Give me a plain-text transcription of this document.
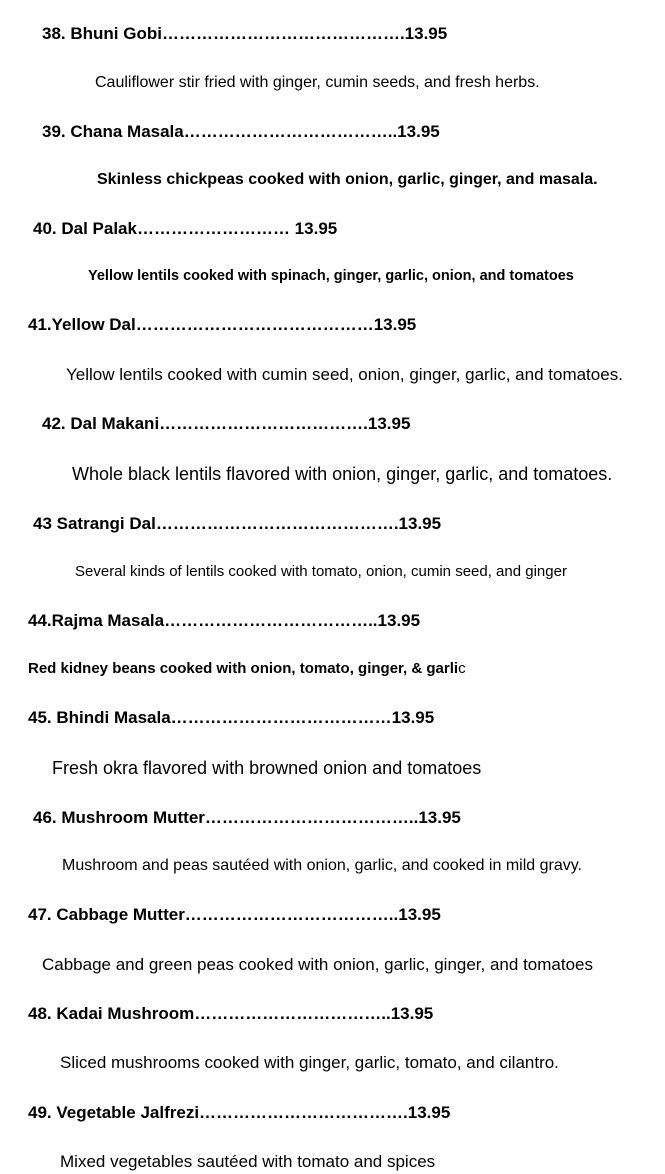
38. Bhuni Gobi…………………………………….13.95

Cauliflower stir fried with ginger, cumin seeds, and fresh herbs.

39. Chana Masala………………………………..13.95

Skinless chickpeas cooked with onion, garlic, ginger, and masala.

40. Dal Palak……………………… 13.95

Yellow lentils cooked with spinach, ginger, garlic, onion, and tomatoes

41.Yellow Dal……………………………………13.95

Yellow lentils cooked with cumin seed, onion, ginger, garlic, and tomatoes.

42. Dal Makani……………………………….13.95

Whole black lentils flavored with onion, ginger, garlic, and tomatoes.

43 Satrangi Dal…………………………………….13.95

Several kinds of lentils cooked with tomato, onion, cumin seed, and ginger

44.Rajma Masala………………………………..13.95

Red kidney beans cooked with onion, tomato, ginger, & garlic

45. Bhindi Masala…………………………………13.95

Fresh okra flavored with browned onion and tomatoes

46. Mushroom Mutter………………………………..13.95

Mushroom and peas sautéed with onion, garlic, and cooked in mild gravy.

47. Cabbage Mutter………………………………..13.95

Cabbage and green peas cooked with onion, garlic, ginger, and tomatoes

48. Kadai Mushroom……………………………..13.95

Sliced mushrooms cooked with ginger, garlic, tomato, and cilantro.

49. Vegetable Jalfrezi……………………………….13.95

Mixed vegetables sautéed with tomato and spices
